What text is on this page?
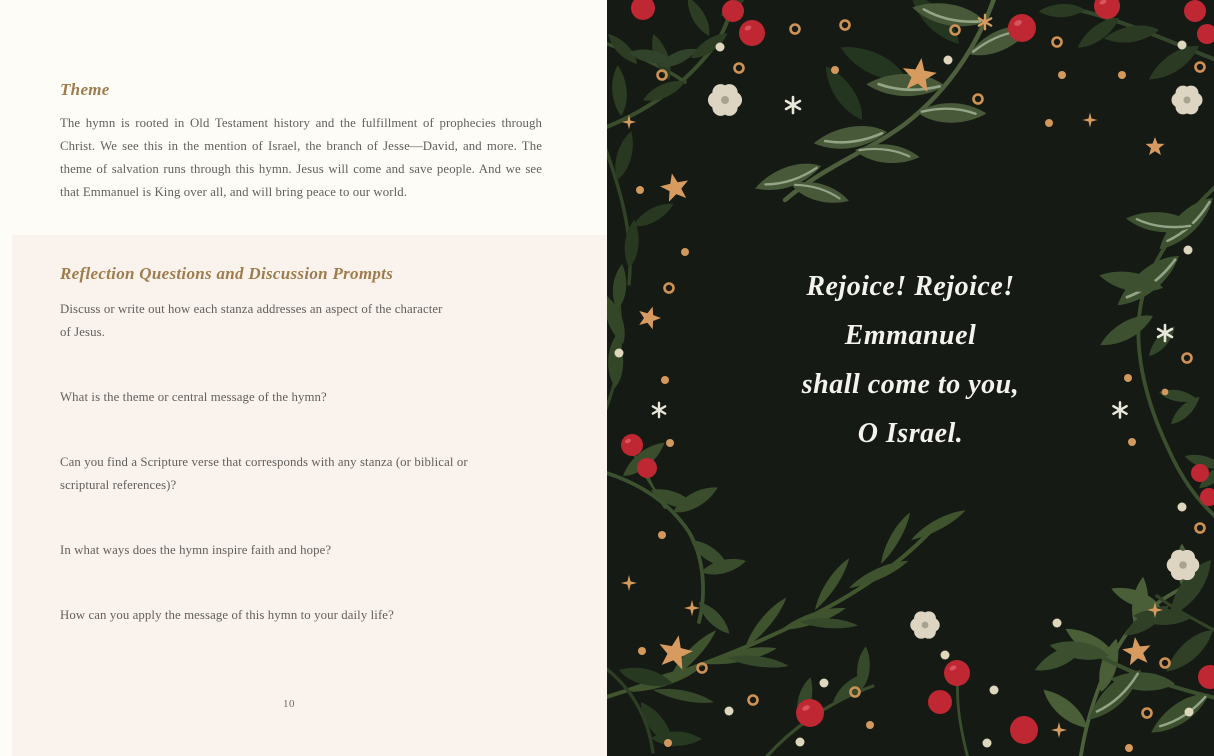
Theme
The hymn is rooted in Old Testament history and the fulfillment of prophecies through
Christ. We see this in the mention of Israel, the branch of Jesse—David, and more. The
theme of salvation runs through this hymn. Jesus will come and save people. And we see
that Emmanuel is King over all, and will bring peace to our world.
Reflection Questions and Discussion Prompts
Discuss or write out how each stanza addresses an aspect of the character
of Jesus.
What is the theme or central message of the hymn?
Can you find a Scripture verse that corresponds with any stanza (or biblical or
scriptural references)?
In what ways does the hymn inspire faith and hope?
How can you apply the message of this hymn to your daily life?
10
Rejoice! Rejoice!
Emmanuel
shall come to you,
O Israel.
